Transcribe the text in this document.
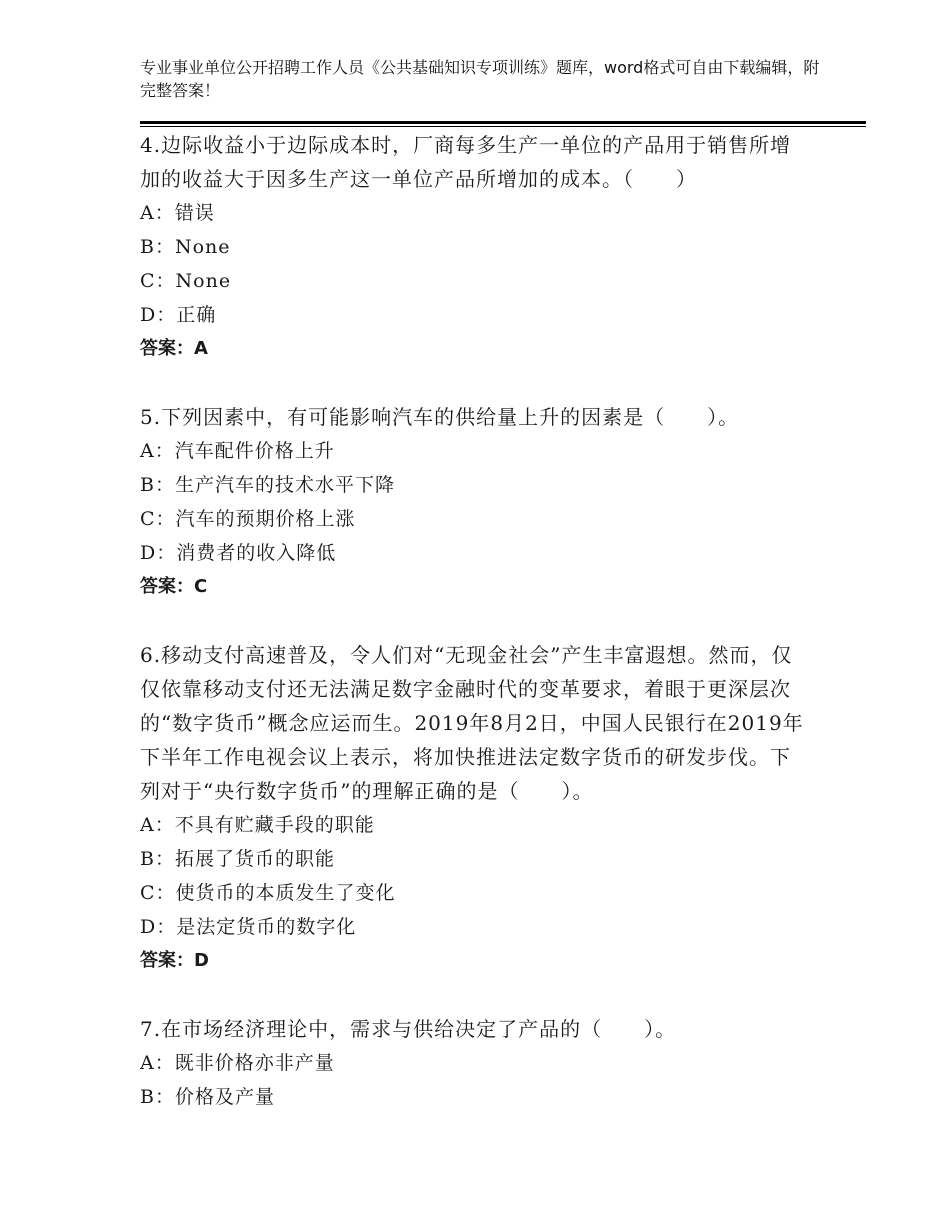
专业事业单位公开招聘工作人员《公共基础知识专项训练》题库，word格式可自由下载编辑，附完整答案！

4.边际收益小于边际成本时，厂商每多生产一单位的产品用于销售所增加的收益大于因多生产这一单位产品所增加的成本。（　　）

A：错误

B：None

C：None

D：正确

答案：A

5.下列因素中，有可能影响汽车的供给量上升的因素是（　　）。

A：汽车配件价格上升

B：生产汽车的技术水平下降

C：汽车的预期价格上涨

D：消费者的收入降低

答案：C

6.移动支付高速普及，令人们对“无现金社会”产生丰富遐想。然而，仅仅依靠移动支付还无法满足数字金融时代的变革要求，着眼于更深层次的“数字货币”概念应运而生。2019年8月2日，中国人民银行在2019年下半年工作电视会议上表示，将加快推进法定数字货币的研发步伐。下列对于“央行数字货币”的理解正确的是（　　）。

A：不具有贮藏手段的职能

B：拓展了货币的职能

C：使货币的本质发生了变化

D：是法定货币的数字化

答案：D

7.在市场经济理论中，需求与供给决定了产品的（　　）。

A：既非价格亦非产量

B：价格及产量
